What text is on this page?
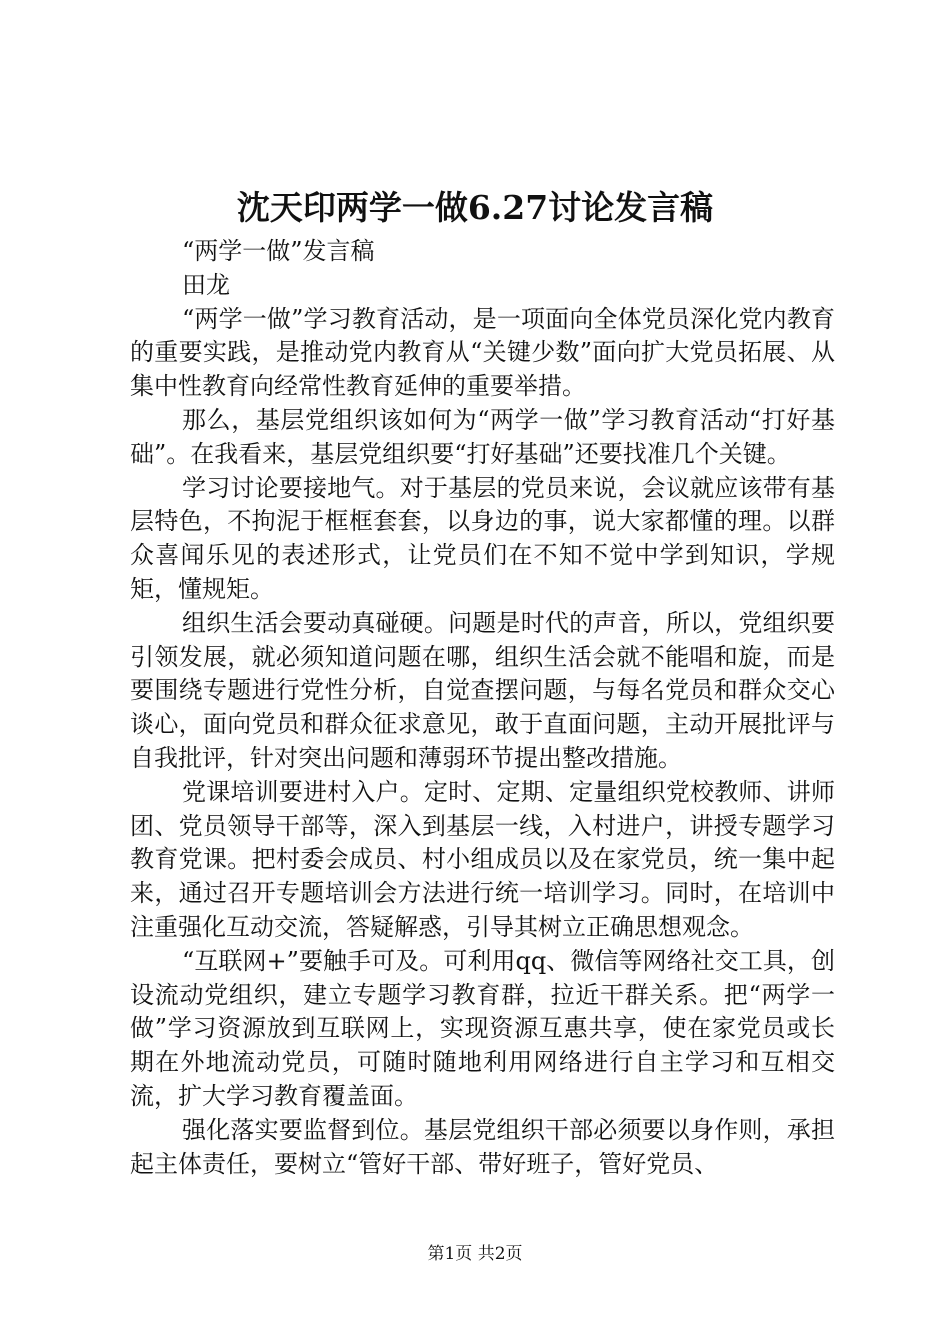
沈天印两学一做6.27讨论发言稿

“两学一做”发言稿

田龙

“两学一做”学习教育活动，是一项面向全体党员深化党内教育的重要实践，是推动党内教育从“关键少数”面向扩大党员拓展、从集中性教育向经常性教育延伸的重要举措。

那么，基层党组织该如何为“两学一做”学习教育活动“打好基础”。在我看来，基层党组织要“打好基础”还要找准几个关键。

学习讨论要接地气。对于基层的党员来说，会议就应该带有基层特色，不拘泥于框框套套，以身边的事，说大家都懂的理。以群众喜闻乐见的表述形式，让党员们在不知不觉中学到知识，学规矩，懂规矩。

组织生活会要动真碰硬。问题是时代的声音，所以，党组织要引领发展，就必须知道问题在哪，组织生活会就不能唱和旋，而是要围绕专题进行党性分析，自觉查摆问题，与每名党员和群众交心谈心，面向党员和群众征求意见，敢于直面问题，主动开展批评与自我批评，针对突出问题和薄弱环节提出整改措施。

党课培训要进村入户。定时、定期、定量组织党校教师、讲师团、党员领导干部等，深入到基层一线，入村进户，讲授专题学习教育党课。把村委会成员、村小组成员以及在家党员，统一集中起来，通过召开专题培训会方法进行统一培训学习。同时，在培训中注重强化互动交流，答疑解惑，引导其树立正确思想观念。

“互联网+”要触手可及。可利用qq、微信等网络社交工具，创设流动党组织，建立专题学习教育群，拉近干群关系。把“两学一做”学习资源放到互联网上，实现资源互惠共享，使在家党员或长期在外地流动党员，可随时随地利用网络进行自主学习和互相交流，扩大学习教育覆盖面。

强化落实要监督到位。基层党组织干部必须要以身作则，承担起主体责任，要树立“管好干部、带好班子，管好党员、

第1页 共2页
